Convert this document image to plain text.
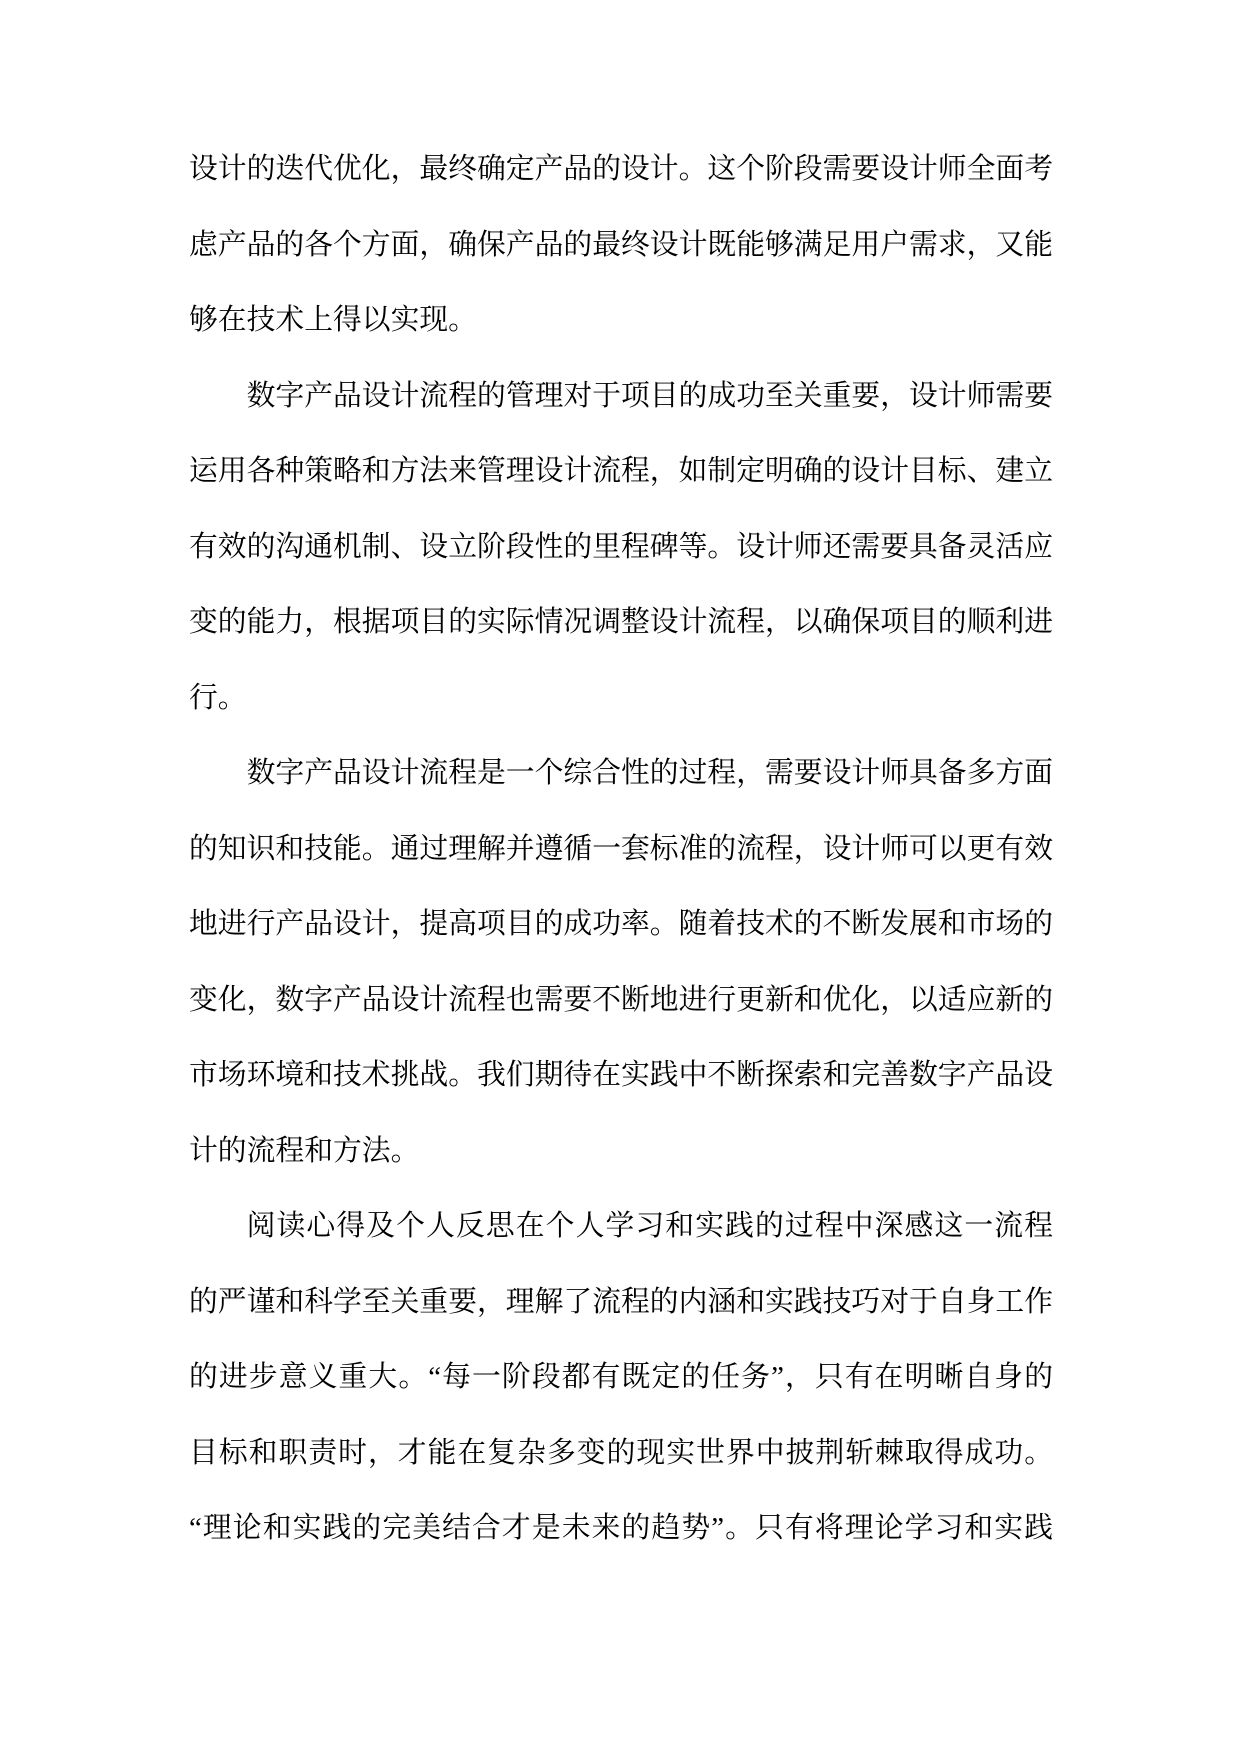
设计的迭代优化，最终确定产品的设计。这个阶段需要设计师全面考
虑产品的各个方面，确保产品的最终设计既能够满足用户需求，又能
够在技术上得以实现。
数字产品设计流程的管理对于项目的成功至关重要，设计师需要
运用各种策略和方法来管理设计流程，如制定明确的设计目标、建立
有效的沟通机制、设立阶段性的里程碑等。设计师还需要具备灵活应
变的能力，根据项目的实际情况调整设计流程，以确保项目的顺利进
行。
数字产品设计流程是一个综合性的过程，需要设计师具备多方面
的知识和技能。通过理解并遵循一套标准的流程，设计师可以更有效
地进行产品设计，提高项目的成功率。随着技术的不断发展和市场的
变化，数字产品设计流程也需要不断地进行更新和优化，以适应新的
市场环境和技术挑战。我们期待在实践中不断探索和完善数字产品设
计的流程和方法。
阅读心得及个人反思在个人学习和实践的过程中深感这一流程
的严谨和科学至关重要，理解了流程的内涵和实践技巧对于自身工作
的进步意义重大。“每一阶段都有既定的任务”，只有在明晰自身的
目标和职责时，才能在复杂多变的现实世界中披荆斩棘取得成功。
“理论和实践的完美结合才是未来的趋势”。只有将理论学习和实践
